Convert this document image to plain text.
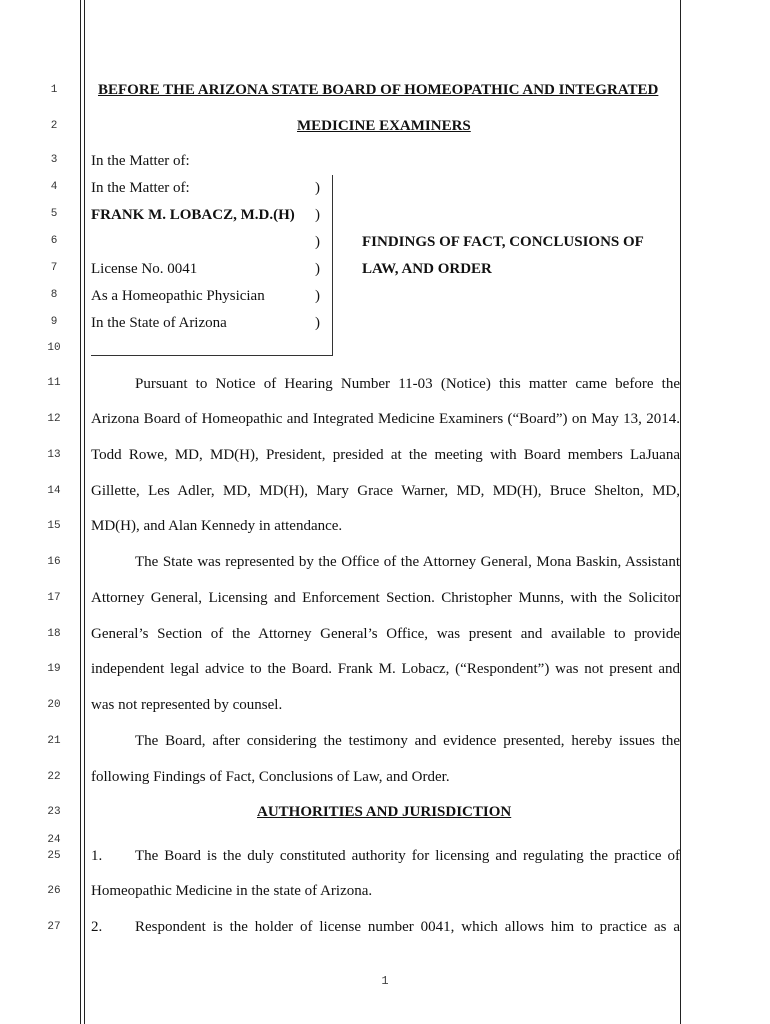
1
2
3
4
5
6
7
8
9
10
11
12
13
14
15
16
17
18
19
20
21
22
23
24
25
26
27
BEFORE THE ARIZONA STATE BOARD OF HOMEOPATHIC AND INTEGRATED
MEDICINE EXAMINERS
In the Matter of:
In the Matter of:
FRANK M. LOBACZ, M.D.(H)
License No. 0041
As a Homeopathic Physician
In the State of Arizona
)
)
)
)
)
)
FINDINGS OF FACT, CONCLUSIONS OF
LAW, AND ORDER
Pursuant to Notice of Hearing Number 11-03 (Notice) this matter came before the
Arizona Board of Homeopathic and Integrated Medicine Examiners (“Board”) on May 13, 2014.
Todd Rowe, MD, MD(H), President, presided at the meeting with Board members LaJuana
Gillette, Les Adler, MD, MD(H), Mary Grace Warner, MD, MD(H), Bruce Shelton, MD,
MD(H), and Alan Kennedy in attendance.
The State was represented by the Office of the Attorney General, Mona Baskin, Assistant
Attorney General, Licensing and Enforcement Section. Christopher Munns, with the Solicitor
General’s Section of the Attorney General’s Office, was present and available to provide
independent legal advice to the Board. Frank M. Lobacz, (“Respondent”) was not present and
was not represented by counsel.
The Board, after considering the testimony and evidence presented, hereby issues the
following Findings of Fact, Conclusions of Law, and Order.
AUTHORITIES AND JURISDICTION
1. The Board is the duly constituted authority for licensing and regulating the practice of
Homeopathic Medicine in the state of Arizona.
2. Respondent is the holder of license number 0041, which allows him to practice as a
1
